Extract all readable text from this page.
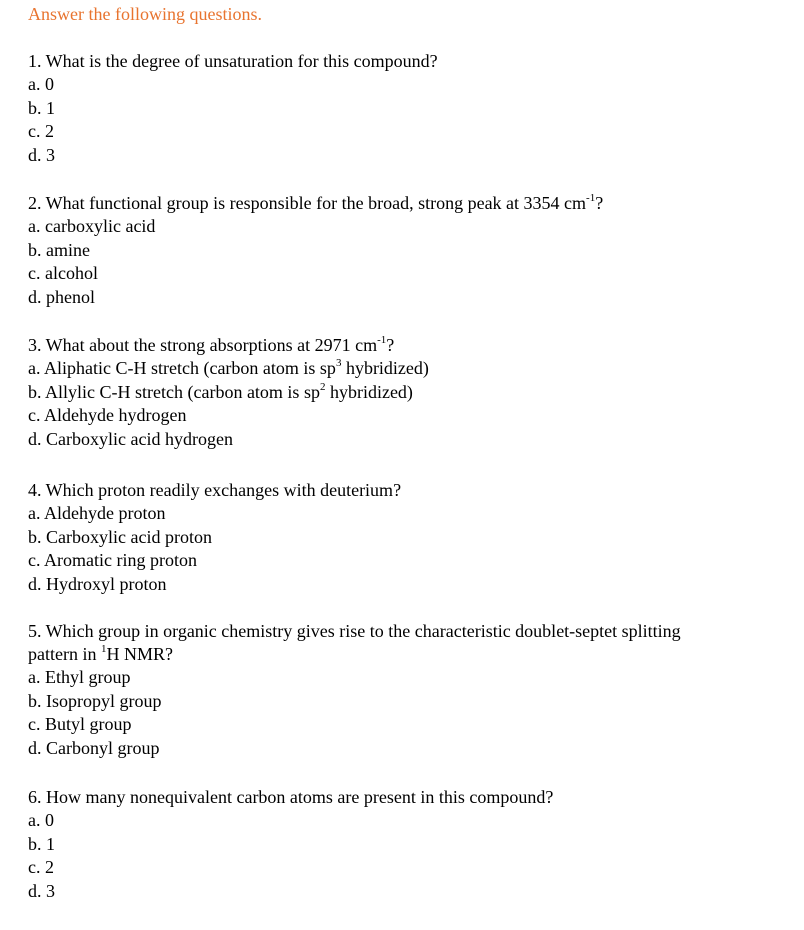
Answer the following questions.

1. What is the degree of unsaturation for this compound?

a. 0
b. 1
c. 2
d. 3

2. What functional group is responsible for the broad, strong peak at 3354 $cm^{-1}$?

a. carboxylic acid
b. amine
c. alcohol
d. phenol

3. What about the strong absorptions at 2971 $cm^{-1}$?

a. Aliphatic C-H stretch (carbon atom is $sp^3$ hybridized)
b. Allylic C-H stretch (carbon atom is $sp^2$ hybridized)
c. Aldehyde hydrogen
d. Carboxylic acid hydrogen

4. Which proton readily exchanges with deuterium?

a. Aldehyde proton
b. Carboxylic acid proton
c. Aromatic ring proton
d. Hydroxyl proton

5. Which group in organic chemistry gives rise to the characteristic doublet-septet splitting
pattern in $^1$H NMR?

a. Ethyl group
b. Isopropyl group
c. Butyl group
d. Carbonyl group

6. How many nonequivalent carbon atoms are present in this compound?

a. 0
b. 1
c. 2
d. 3
